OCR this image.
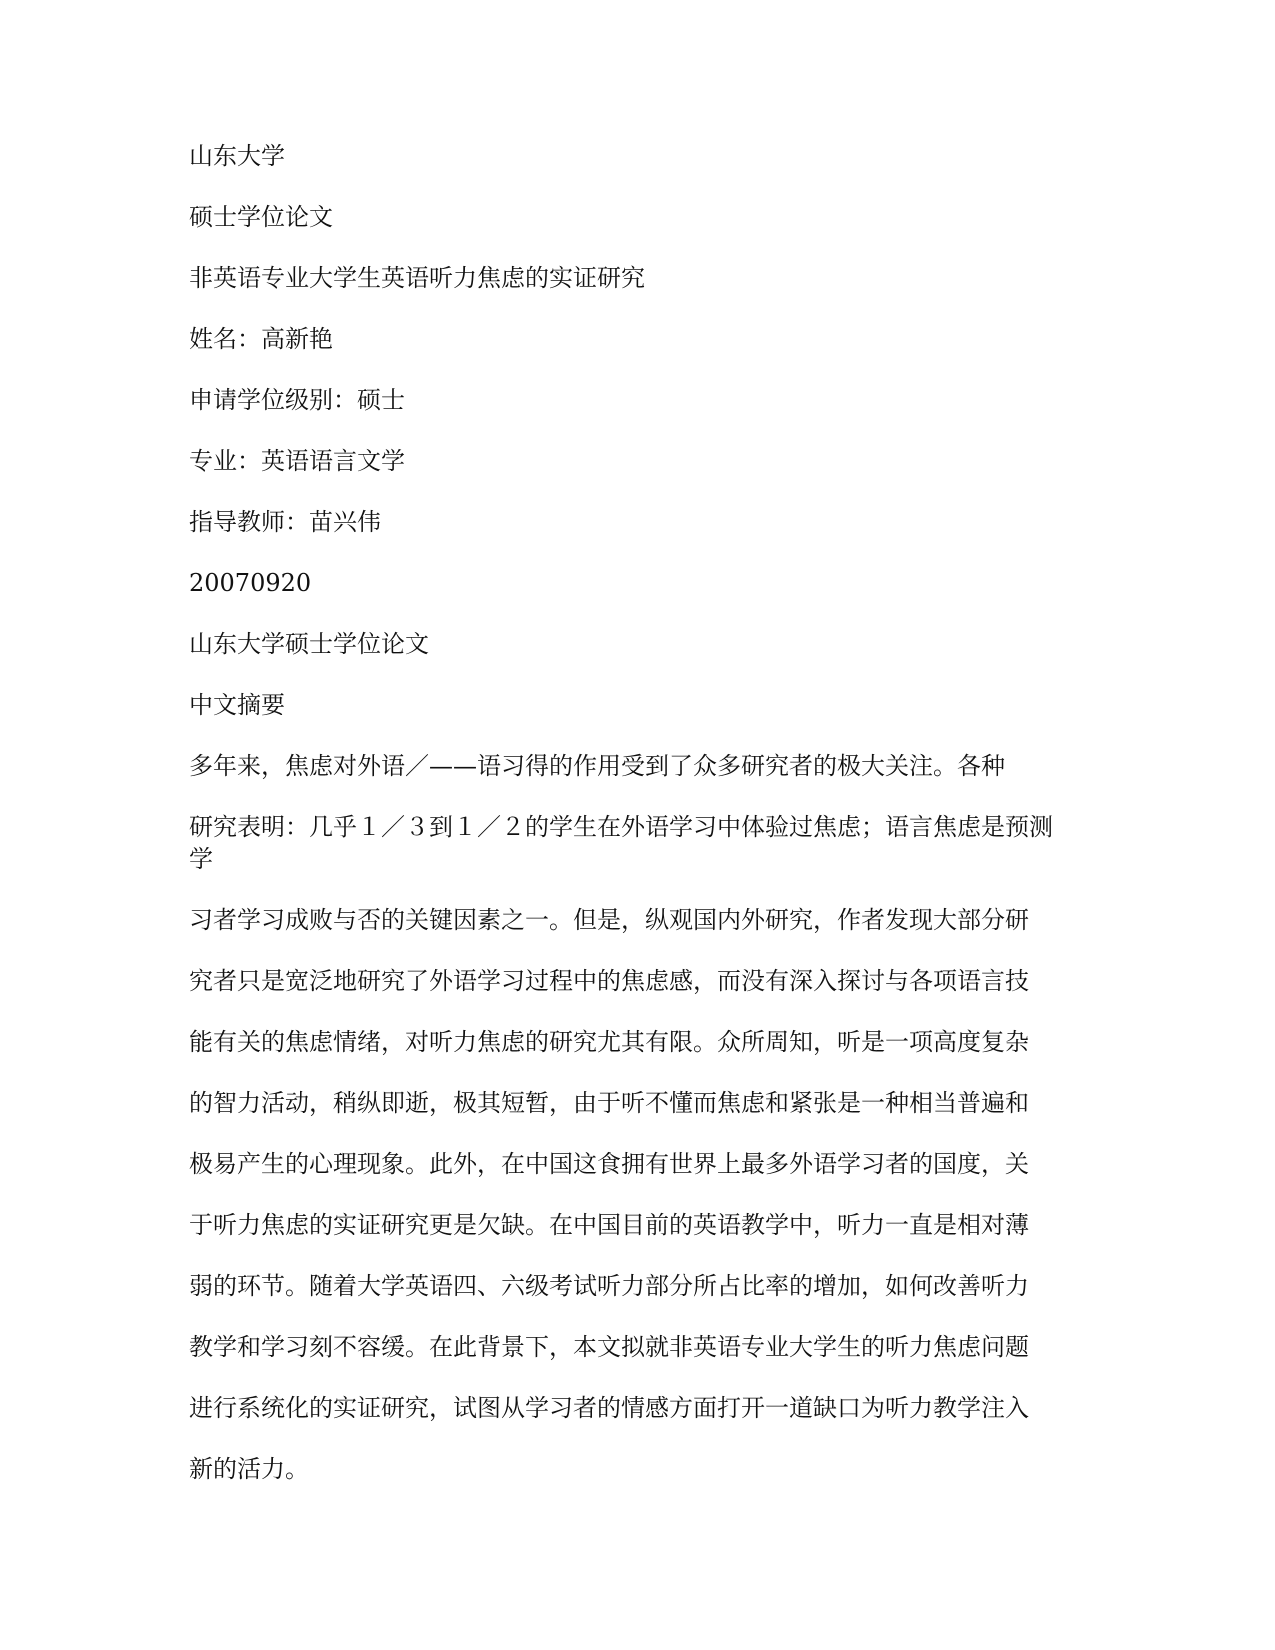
山东大学
硕士学位论文
非英语专业大学生英语听力焦虑的实证研究
姓名：高新艳
申请学位级别：硕士
专业：英语语言文学
指导教师：苗兴伟
20070920
山东大学硕士学位论文
中文摘要
多年来，焦虑对外语／——语习得的作用受到了众多研究者的极大关注。各种
研究表明：几乎１／３到１／２的学生在外语学习中体验过焦虑；语言焦虑是预测
学
习者学习成败与否的关键因素之一。但是，纵观国内外研究，作者发现大部分研
究者只是宽泛地研究了外语学习过程中的焦虑感，而没有深入探讨与各项语言技
能有关的焦虑情绪，对听力焦虑的研究尤其有限。众所周知，听是一项高度复杂
的智力活动，稍纵即逝，极其短暂，由于听不懂而焦虑和紧张是一种相当普遍和
极易产生的心理现象。此外，在中国这食拥有世界上最多外语学习者的国度，关
于听力焦虑的实证研究更是欠缺。在中国目前的英语教学中，听力一直是相对薄
弱的环节。随着大学英语四、六级考试听力部分所占比率的增加，如何改善听力
教学和学习刻不容缓。在此背景下，本文拟就非英语专业大学生的听力焦虑问题
进行系统化的实证研究，试图从学习者的情感方面打开一道缺口为听力教学注入
新的活力。
